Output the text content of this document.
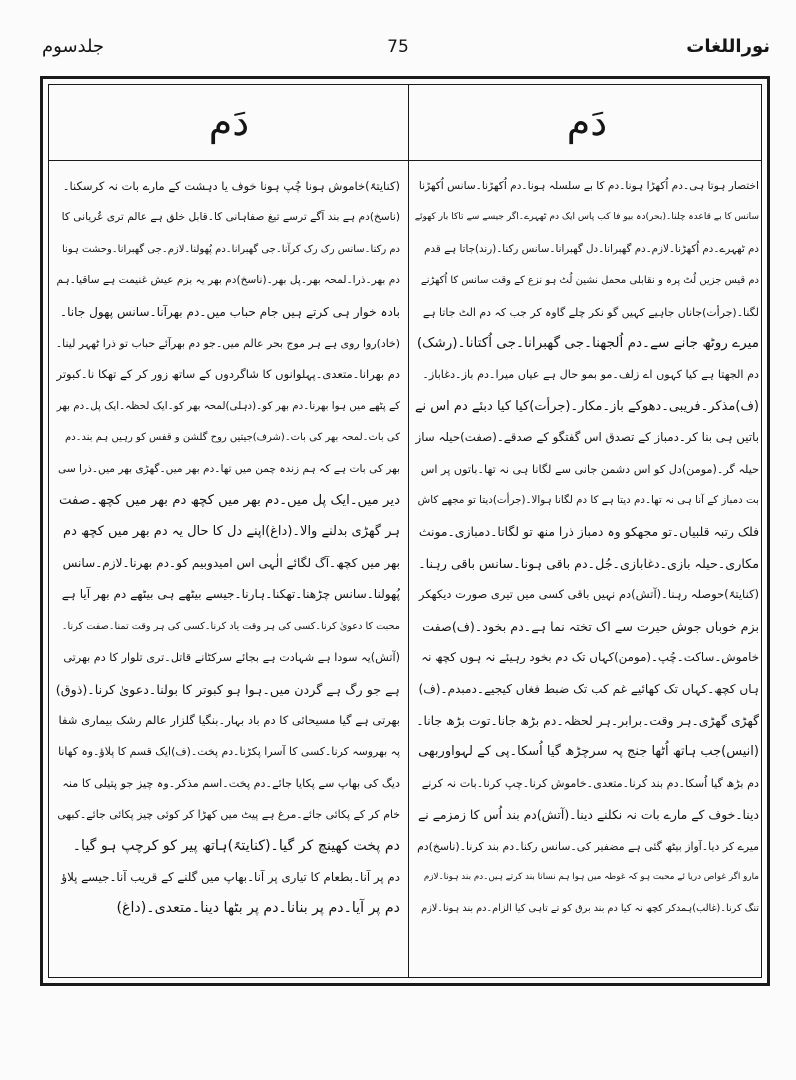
جلدسوم	75	نوراللغات
دَم	دَم

(کنایتہً)خاموش ہونا چُپ ہونا خوف یا دہشت کے مارے بات نہ کرسکنا۔

(ناسخ)دم ہے بند آگے ترسے تیغ صفاہانی کا۔قابل خلق ہے عالم تری عُریانی کا

دم رکنا۔سانس رک رک کرآنا۔جی گھبرانا۔دم پُھولنا۔لازم۔جی گھبرانا۔وحشت ہونا

دم بھر۔ذرا۔لمحہ بھر۔پل بھر۔(ناسخ)دم بھر یہ بزم عیش غنیمت ہے ساقیا۔ہم

بادہ خوار ہی کرتے ہیں جام حباب میں۔دم بھرآنا۔سانس پھول جانا۔

(خاد)روا روی ہے ہر موج بحر عالم میں۔جو دم بھرآئے حباب تو ذرا ٹھہر لینا۔

دم بھرانا۔متعدی۔پہلوانوں کا شاگردوں کے ساتھ زور کر کے تھکا نا۔کبوتر

کے پٹھے میں ہوا بھرنا۔دم بھر کو۔(دہلی)لمحہ بھر کو۔ایک لحظہ۔ایک پل۔دم بھر

کی بات۔لمحہ بھر کی بات۔(شرف)جیتیں روح گلشن و قفس کو رہیں ہم بند۔دم

بھر کی بات ہے کہ ہم زندہ چمن میں تھا۔دم بھر میں۔گھڑی بھر میں۔ذرا سی

دیر میں۔ایک پل میں۔دم بھر میں کچھ دم بھر میں کچھ۔صفت

ہر گھڑی بدلنے والا۔(داغ)اپنے دل کا حال یہ دم بھر میں کچھ دم

بھر میں کچھ۔آگ لگائے الٰہی اس امیدوبیم کو۔دم بھرنا۔لازم۔سانس

پُھولنا۔سانس چڑھنا۔تھکنا۔ہارنا۔جیسے بیٹھے ہی بیٹھے دم بھر آیا ہے

محبت کا دعویٰ کرنا۔کسی کی ہر وقت یاد کرنا۔کسی کی ہر وقت تمنا۔صفت کرنا۔

(آتش)یہ سودا ہے شہادت ہے بجائے سرکٹانے قاتل۔تری تلوار کا دم بھرتی

ہے جو رگ ہے گردن میں۔ہوا ہو کبوتر کا بولنا۔دعویٰ کرنا۔(ذوق)

بھرتی ہے گیا مسیحائی کا دم باد بہار۔بنگیا گلزار عالم رشک بیماری شفا

پہ بھروسہ کرنا۔کسی کا آسرا پکڑنا۔دم پخت۔(ف)ایک قسم کا پلاؤ۔وہ کھانا

دیگ کی بھاپ سے پکایا جائے۔دم پخت۔اسم مذکر۔وہ چیز جو پتیلی کا منہ

خام کر کے پکائی جائے۔مرغ ہے پیٹ میں کھڑا کر کوئی چیز پکائی جائے۔کبھی

دم پخت کھینچ کر گیا۔(کنایتہً)ہاتھ پیر کو کرچپ ہو گیا۔

دم پر آنا۔بطعام کا تیاری پر آنا۔بھاپ میں گلنے کے قریب آنا۔جیسے پلاؤ

دم پر آیا۔دم پر بنانا۔دم پر بٹھا دینا۔متعدی۔(داغ)

اختصار ہوتا ہی۔دم اُکھڑا ہونا۔دم کا بے سلسلہ ہونا۔دم اُکھڑنا۔سانس اُکھڑنا

سانس کا بے قاعدہ چلنا۔(بحر)دہ بیو فا کب پاس ایک دم ٹھہرے۔اگر جیسے سے تاکا بار کھوئے

دم ٹھہرے۔دم اُکھڑنا۔لازم۔دم گھبرانا۔دل گھبرانا۔سانس رکنا۔(رند)جاتا ہے قدم

دم قیس جزیں لُٹ پرہ و نقابلی محمل نشین لُٹ ہو نزع کے وقت سانس کا اُکھڑنے

لگنا۔(جرأت)جاناں جاہیے کہیں گو نکر چلے گاوہ کر جب کہ دم الٹ جاتا ہے

میرے روٹھ جانے سے۔دم اُلجھنا۔جی گھبرانا۔جی اُکتانا۔(رشک)

دم الجھتا ہے کیا کہوں اے زلف۔مو بمو حال ہے عیاں میرا۔دم باز۔دغاباز۔

(ف)مذکر۔فریبی۔دھوکے باز۔مکار۔(جرأت)کیا کیا دبئے دم اس نے

باتیں ہی بنا کر۔دمباز کے تصدق اس گفتگو کے صدقے۔(صفت)حیلہ ساز

حیلہ گر۔(مومن)دل کو اس دشمن جانی سے لگانا ہی نہ تھا۔باتوں پر اس

بت دمباز کے آنا ہی نہ تھا۔دم دیتا ہے کا دم لگانا ہوالا۔(جرأت)دیتا تو مجھے کاش

فلک رتبہ قلبیاں۔تو مجھکو وہ دمباز ذرا منھ تو لگاتا۔دمبازی۔مونث

مکاری۔حیلہ بازی۔دغابازی۔جُل۔دم باقی ہونا۔سانس باقی رہنا۔

(کنایتہً)حوصلہ رہنا۔(آتش)دم نہیں باقی کسی میں تیری صورت دیکھکر

بزم خوباں جوش حیرت سے اک تختہ نما ہے۔دم بخود۔(ف)صفت

خاموش۔ساکت۔چُپ۔(مومن)کہاں تک دم بخود رہیئے نہ ہوں کچھ نہ

ہاں کچھ۔کہاں تک کھائیے غم کب تک ضبط فغاں کیجیے۔دمبدم۔(ف)

گھڑی گھڑی۔ہر وقت۔برابر۔ہر لحظہ۔دم بڑھ جانا۔توت بڑھ جانا۔

(انیس)جب ہاتھ اُٹھا جنج پہ سرچڑھ گیا اُسکا۔پی کے لہواوربھی

دم بڑھ گیا اُسکا۔دم بند کرنا۔متعدی۔خاموش کرنا۔چپ کرنا۔بات نہ کرنے

دینا۔خوف کے مارے بات نہ نکلنے دینا۔(آتش)دم بند اُس کا زمزمے نے

میرے کر دیا۔آواز بیٹھ گئی ہے مضفیر کی۔سانس رکنا۔دم بند کرنا۔(ناسخ)دم

مارو اگر غواص دریا ئے محبت ہو کہ غوطہ میں ہوا ہم نسانا بند کرتے ہیں۔دم بند ہونا۔لازم

تنگ کرنا۔(غالب)ہمدکر کچھ نہ کیا دم بند برق کو تے تاہی کیا الزام۔دم بند ہونا۔لازم
